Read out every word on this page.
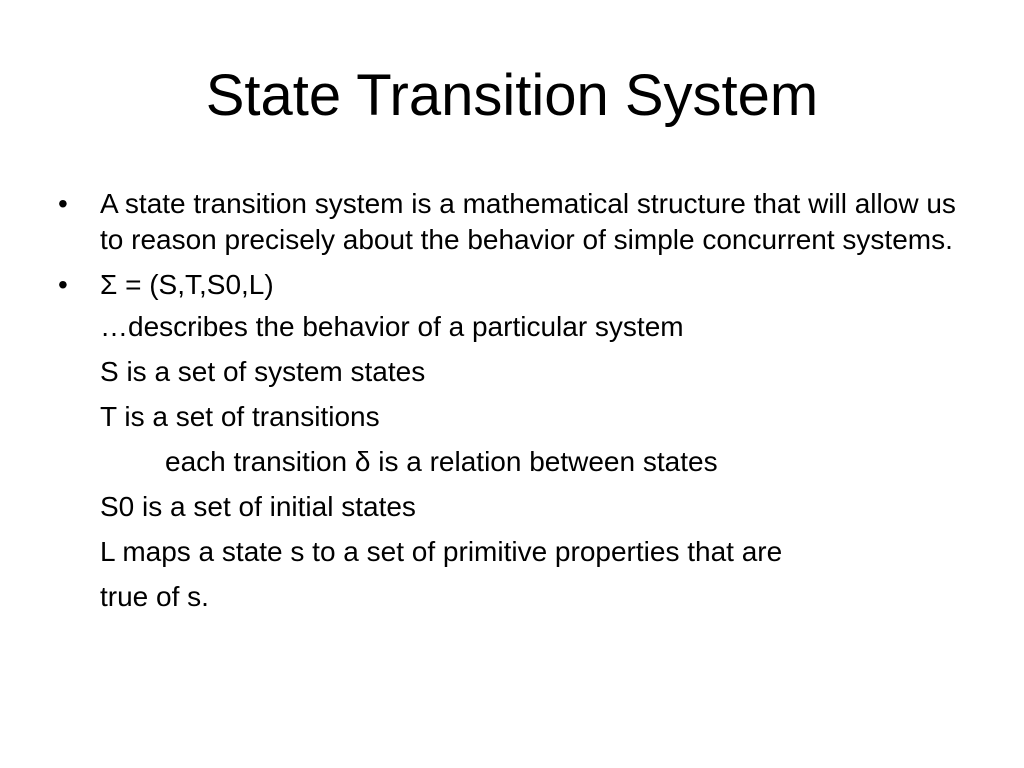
State Transition System
•	A state transition system is a mathematical structure that will allow us to reason precisely about the behavior of simple concurrent systems.
•	Σ = (S,T,S0,L)
…describes the behavior of a particular system
S is a set of system states
T is a set of transitions
each transition δ is a relation between states
S0 is a set of initial states
L maps a state s to a set of primitive properties that are
true of s.
